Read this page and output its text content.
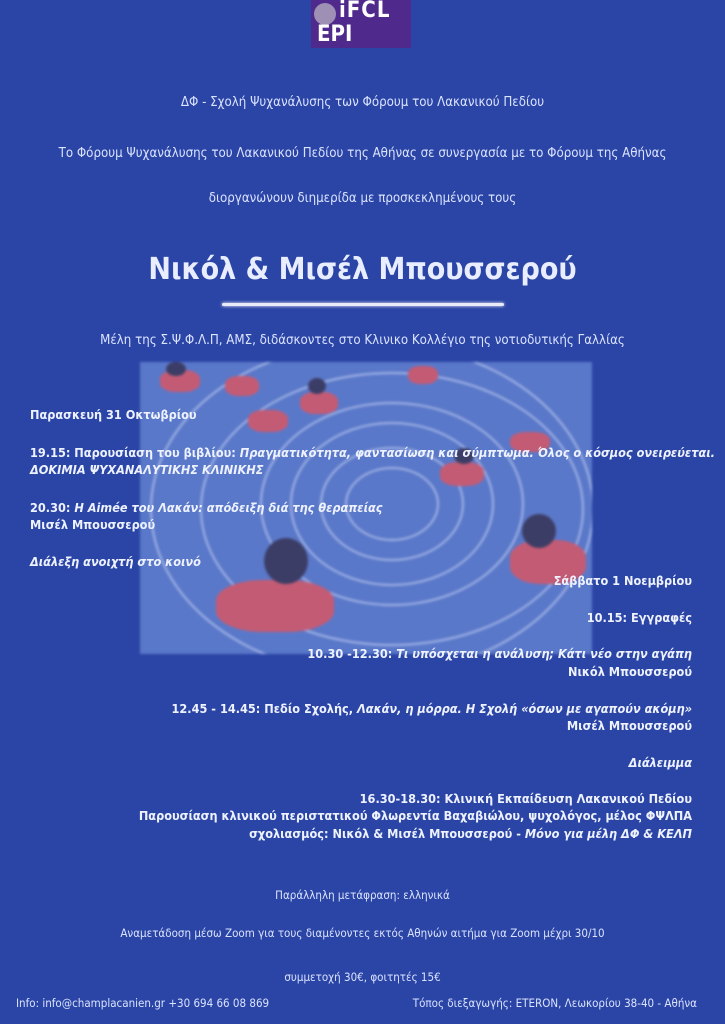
iFCL
EPI
ΔΦ - Σχολή Ψυχανάλυσης των Φόρουμ του Λακανικού Πεδίου
Το Φόρουμ Ψυχανάλυσης του Λακανικού Πεδίου της Αθήνας σε συνεργασία με το Φόρουμ της Αθήνας
διοργανώνουν διημερίδα με προσκεκλημένους τους
Νικόλ & Μισέλ Μπουσσερού
Μέλη της Σ.Ψ.Φ.Λ.Π, ΑΜΣ, διδάσκοντες στο Κλινικο Κολλέγιο της νοτιοδυτικής Γαλλίας
Παρασκευή 31 Οκτωβρίου
19.15: Παρουσίαση του βιβλίου: Πραγματικότητα, φαντασίωση και σύμπτωμα. Όλος ο κόσμος ονειρεύεται.
ΔΟΚΙΜΙΑ ΨΥΧΑΝΑΛΥΤΙΚΗΣ ΚΛΙΝΙΚΗΣ
20.30: Η Aimée του Λακάν: απόδειξη διά της θεραπείας
Μισέλ Μπουσσερού
Διάλεξη ανοιχτή στο κοινό
Σάββατο 1 Νοεμβρίου
10.15: Εγγραφές
10.30 -12.30: Τι υπόσχεται η ανάλυση; Κάτι νέο στην αγάπη
Νικόλ Μπουσσερού
12.45 - 14.45: Πεδίο Σχολής, Λακάν, η μόρρα. Η Σχολή «όσων με αγαπούν ακόμη»
Μισέλ Μπουσσερού
Διάλειμμα
16.30-18.30: Κλινική Εκπαίδευση Λακανικού Πεδίου
Παρουσίαση κλινικού περιστατικού Φλωρεντία Βαχαβιώλου, ψυχολόγος, μέλος ΦΨΛΠΑ
σχολιασμός: Νικόλ & Μισέλ Μπουσσερού - Μόνο για μέλη ΔΦ & ΚΕΛΠ
Παράλληλη μετάφραση: ελληνικά
Αναμετάδοση μέσω Zoom για τους διαμένοντες εκτός Αθηνών αιτήμα για Zoom μέχρι 30/10
συμμετοχή 30€, φοιτητές 15€
Info: info@champlacanien.gr +30 694 66 08 869	Τόπος διεξαγωγής: ETERON, Λεωκορίου 38-40 - Αθήνα
